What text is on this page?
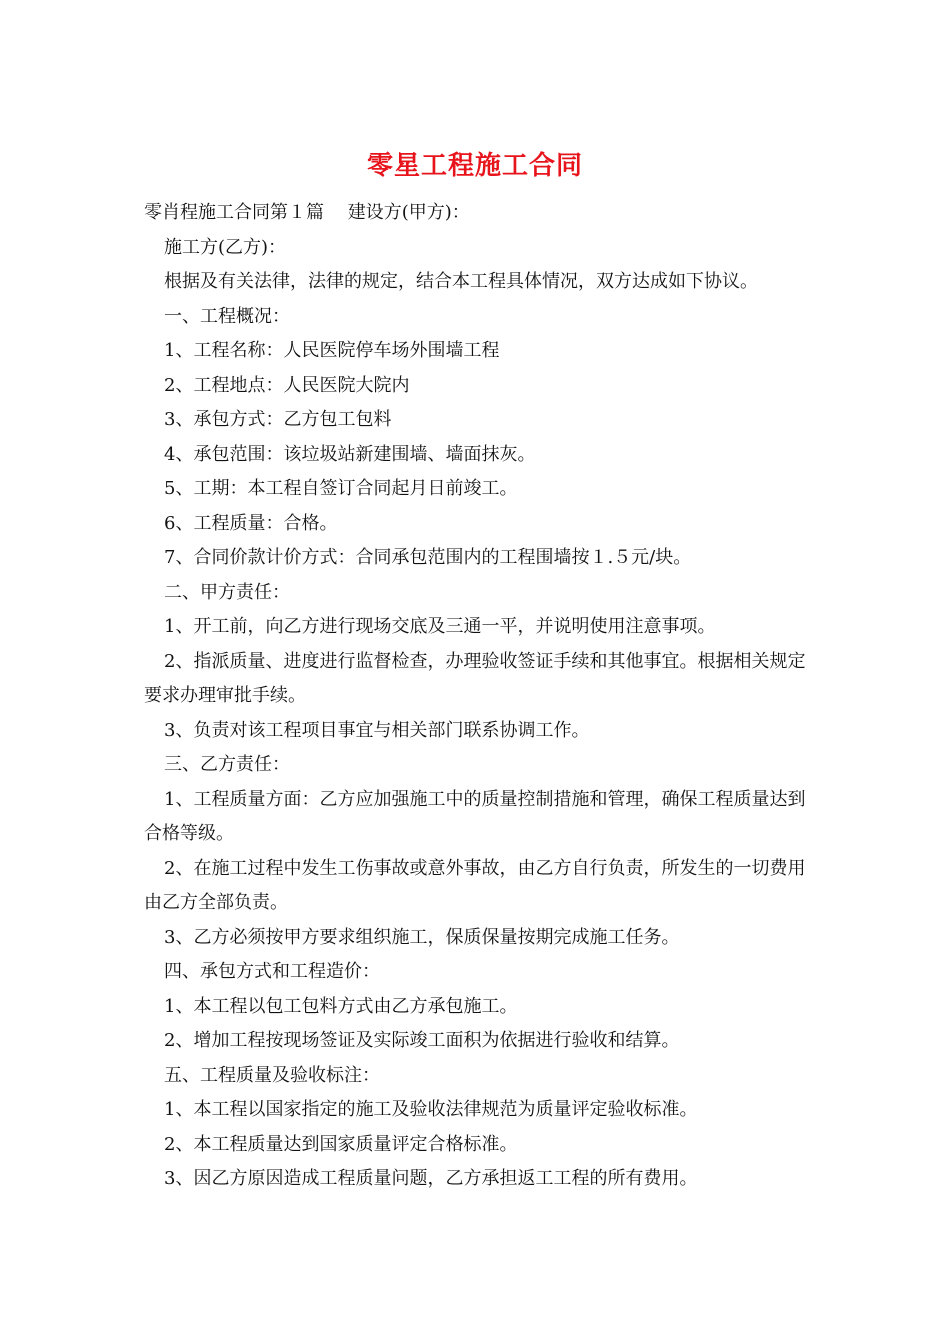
零星工程施工合同

零肖程施工合同第１篇　 建设方(甲方)：

施工方(乙方)：

根据及有关法律，法律的规定，结合本工程具体情况，双方达成如下协议。

一、工程概况：

1、工程名称：人民医院停车场外围墙工程

2、工程地点：人民医院大院内

3、承包方式：乙方包工包料

4、承包范围：该垃圾站新建围墙、墙面抹灰。

5、工期：本工程自签订合同起月日前竣工。

6、工程质量：合格。

7、合同价款计价方式：合同承包范围内的工程围墙按１.５元/块。

二、甲方责任：

1、开工前，向乙方进行现场交底及三通一平，并说明使用注意事项。

2、指派质量、进度进行监督检查，办理验收签证手续和其他事宜。根据相关规定要求办理审批手续。

3、负责对该工程项目事宜与相关部门联系协调工作。

三、乙方责任：

1、工程质量方面：乙方应加强施工中的质量控制措施和管理，确保工程质量达到合格等级。

2、在施工过程中发生工伤事故或意外事故，由乙方自行负责，所发生的一切费用由乙方全部负责。

3、乙方必须按甲方要求组织施工，保质保量按期完成施工任务。

四、承包方式和工程造价：

1、本工程以包工包料方式由乙方承包施工。

2、增加工程按现场签证及实际竣工面积为依据进行验收和结算。

五、工程质量及验收标注：

1、本工程以国家指定的施工及验收法律规范为质量评定验收标准。

2、本工程质量达到国家质量评定合格标准。

3、因乙方原因造成工程质量问题，乙方承担返工工程的所有费用。
